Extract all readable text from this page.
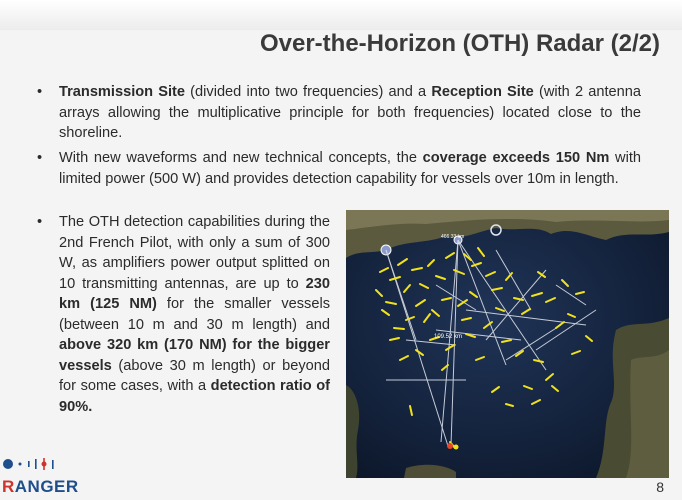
Over-the-Horizon (OTH) Radar (2/2)
• Transmission Site (divided into two frequencies) and a Reception Site (with 2 antenna arrays allowing the multiplicative principle for both frequencies) located close to the shoreline.
• With new waveforms and new technical concepts, the coverage exceeds 150 Nm with limited power (500 W) and provides detection capability for vessels over 10m in length.
• The OTH detection capabilities during the 2nd French Pilot, with only a sum of 300 W, as amplifiers power output splitted on 10 transmitting antennas, are up to 230 km (125 NM) for the smaller vessels (between 10 m and 30 m length) and above 320 km (170 NM) for the bigger vessels (above 30 m length) or beyond for some cases, with a detection ratio of 90%.
109.52 km
466.33 km
RANGER	8
